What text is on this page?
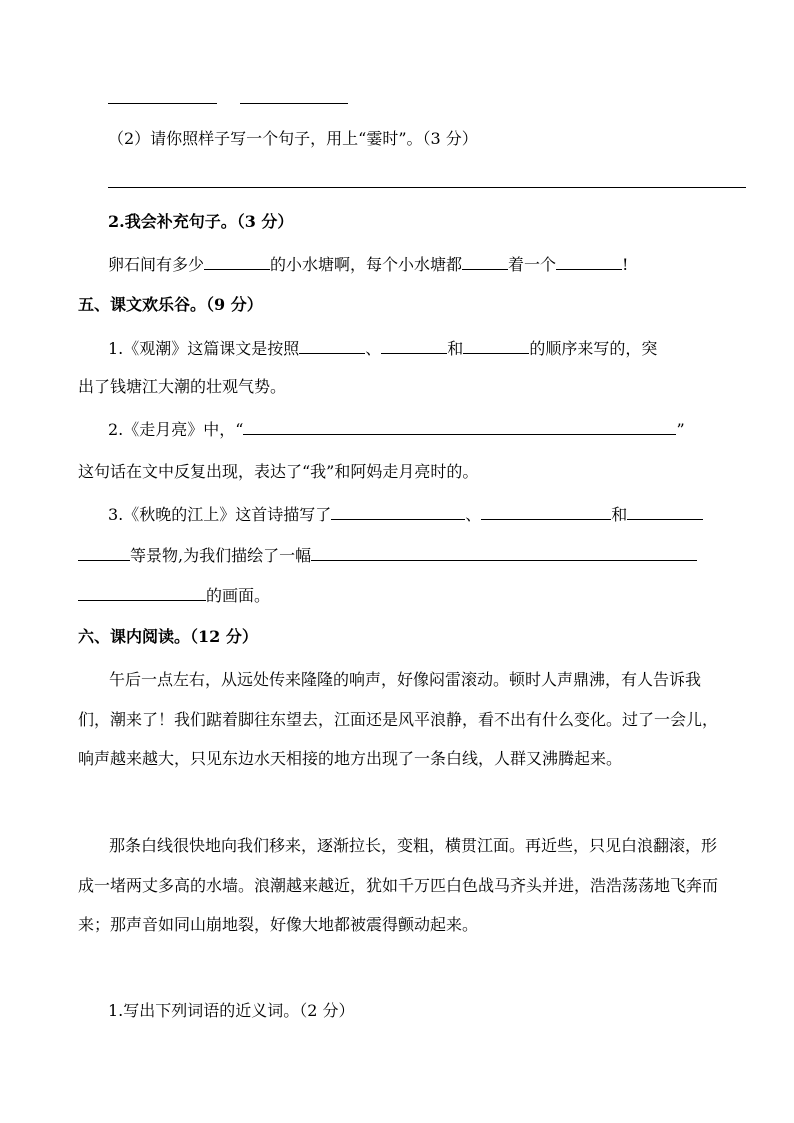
（2）请你照样子写一个句子，用上“霎时”。（3 分）
2.我会补充句子。（3 分）
卵石间有多少	的小水塘啊，每个小水塘都	着一个	!
五、课文欢乐谷。（9 分）
1.《观潮》这篇课文是按照	、	和	的顺序来写的，突
出了钱塘江大潮的壮观气势。
2.《走月亮》中，“	”
这句话在文中反复出现，表达了“我”和阿妈走月亮时的。
3.《秋晚的江上》这首诗描写了	、	和
等景物,为我们描绘了一幅
的画面。
六、课内阅读。（12 分）

午后一点左右，从远处传来隆隆的响声，好像闷雷滚动。顿时人声鼎沸，有人告诉我们，潮来了！我们踮着脚往东望去，江面还是风平浪静，看不出有什么变化。过了一会儿，响声越来越大，只见东边水天相接的地方出现了一条白线，人群又沸腾起来。

那条白线很快地向我们移来，逐渐拉长，变粗，横贯江面。再近些，只见白浪翻滚，形成一堵两丈多高的水墙。浪潮越来越近，犹如千万匹白色战马齐头并进，浩浩荡荡地飞奔而来；那声音如同山崩地裂，好像大地都被震得颤动起来。

1.写出下列词语的近义词。（2 分）
